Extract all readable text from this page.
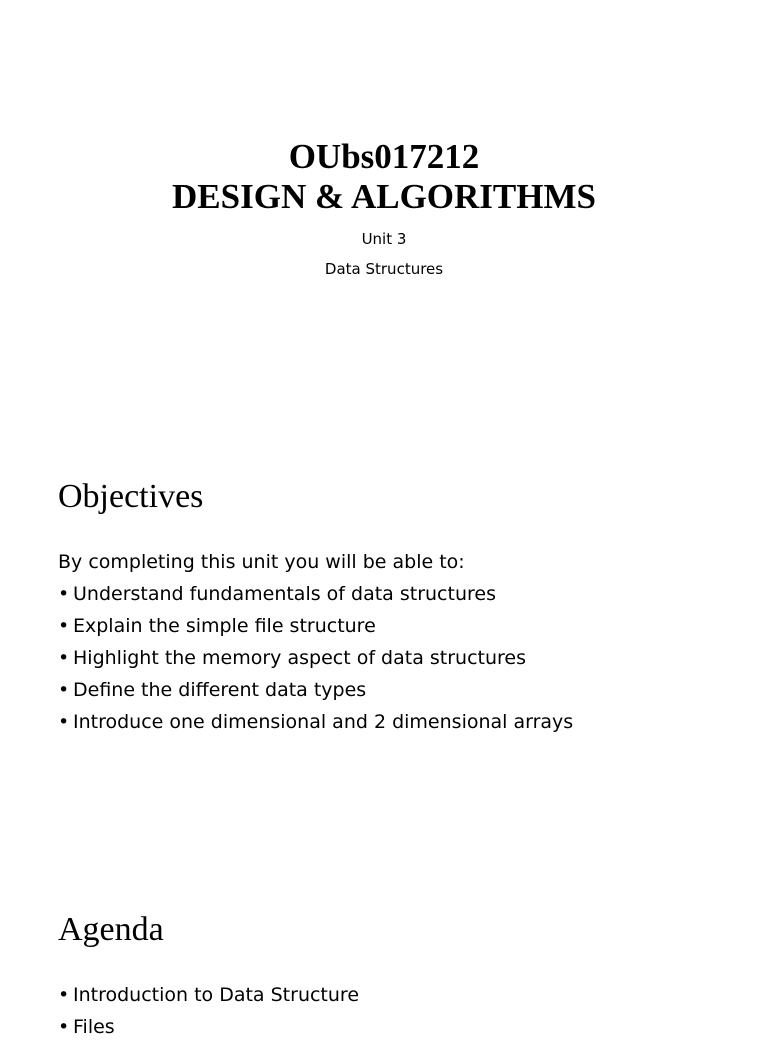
OUbs017212
DESIGN & ALGORITHMS

Unit 3

Data Structures

Objectives

By completing this unit you will be able to:

• Understand fundamentals of data structures
• Explain the simple file structure
• Highlight the memory aspect of data structures
• Define the different data types
• Introduce one dimensional and 2 dimensional arrays
Agenda
• Introduction to Data Structure
• Files
